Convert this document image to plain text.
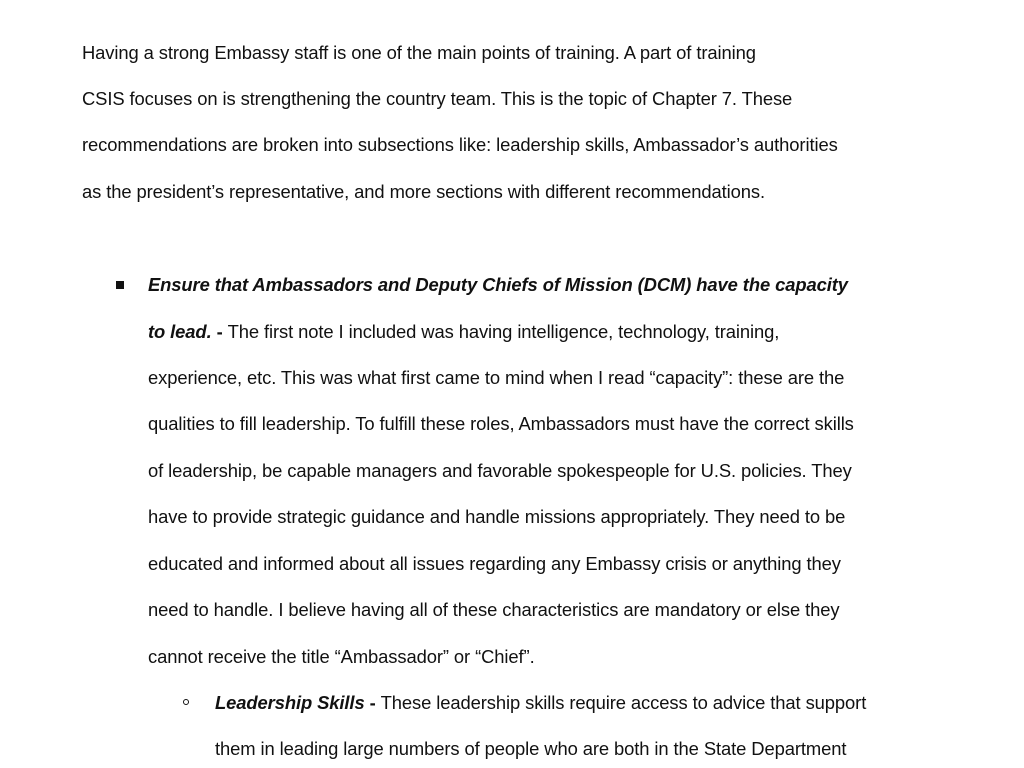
Having a strong Embassy staff is one of the main points of training. A part of training
CSIS focuses on is strengthening the country team. This is the topic of Chapter 7. These
recommendations are broken into subsections like: leadership skills, Ambassador’s authorities
as the president’s representative, and more sections with different recommendations.
Ensure that Ambassadors and Deputy Chiefs of Mission (DCM) have the capacity
to lead. - The first note I included was having intelligence, technology, training,
experience, etc. This was what first came to mind when I read “capacity”: these are the
qualities to fill leadership. To fulfill these roles, Ambassadors must have the correct skills
of leadership, be capable managers and favorable spokespeople for U.S. policies. They
have to provide strategic guidance and handle missions appropriately. They need to be
educated and informed about all issues regarding any Embassy crisis or anything they
need to handle. I believe having all of these characteristics are mandatory or else they
cannot receive the title “Ambassador” or “Chief”.
Leadership Skills - These leadership skills require access to advice that support
them in leading large numbers of people who are both in the State Department
